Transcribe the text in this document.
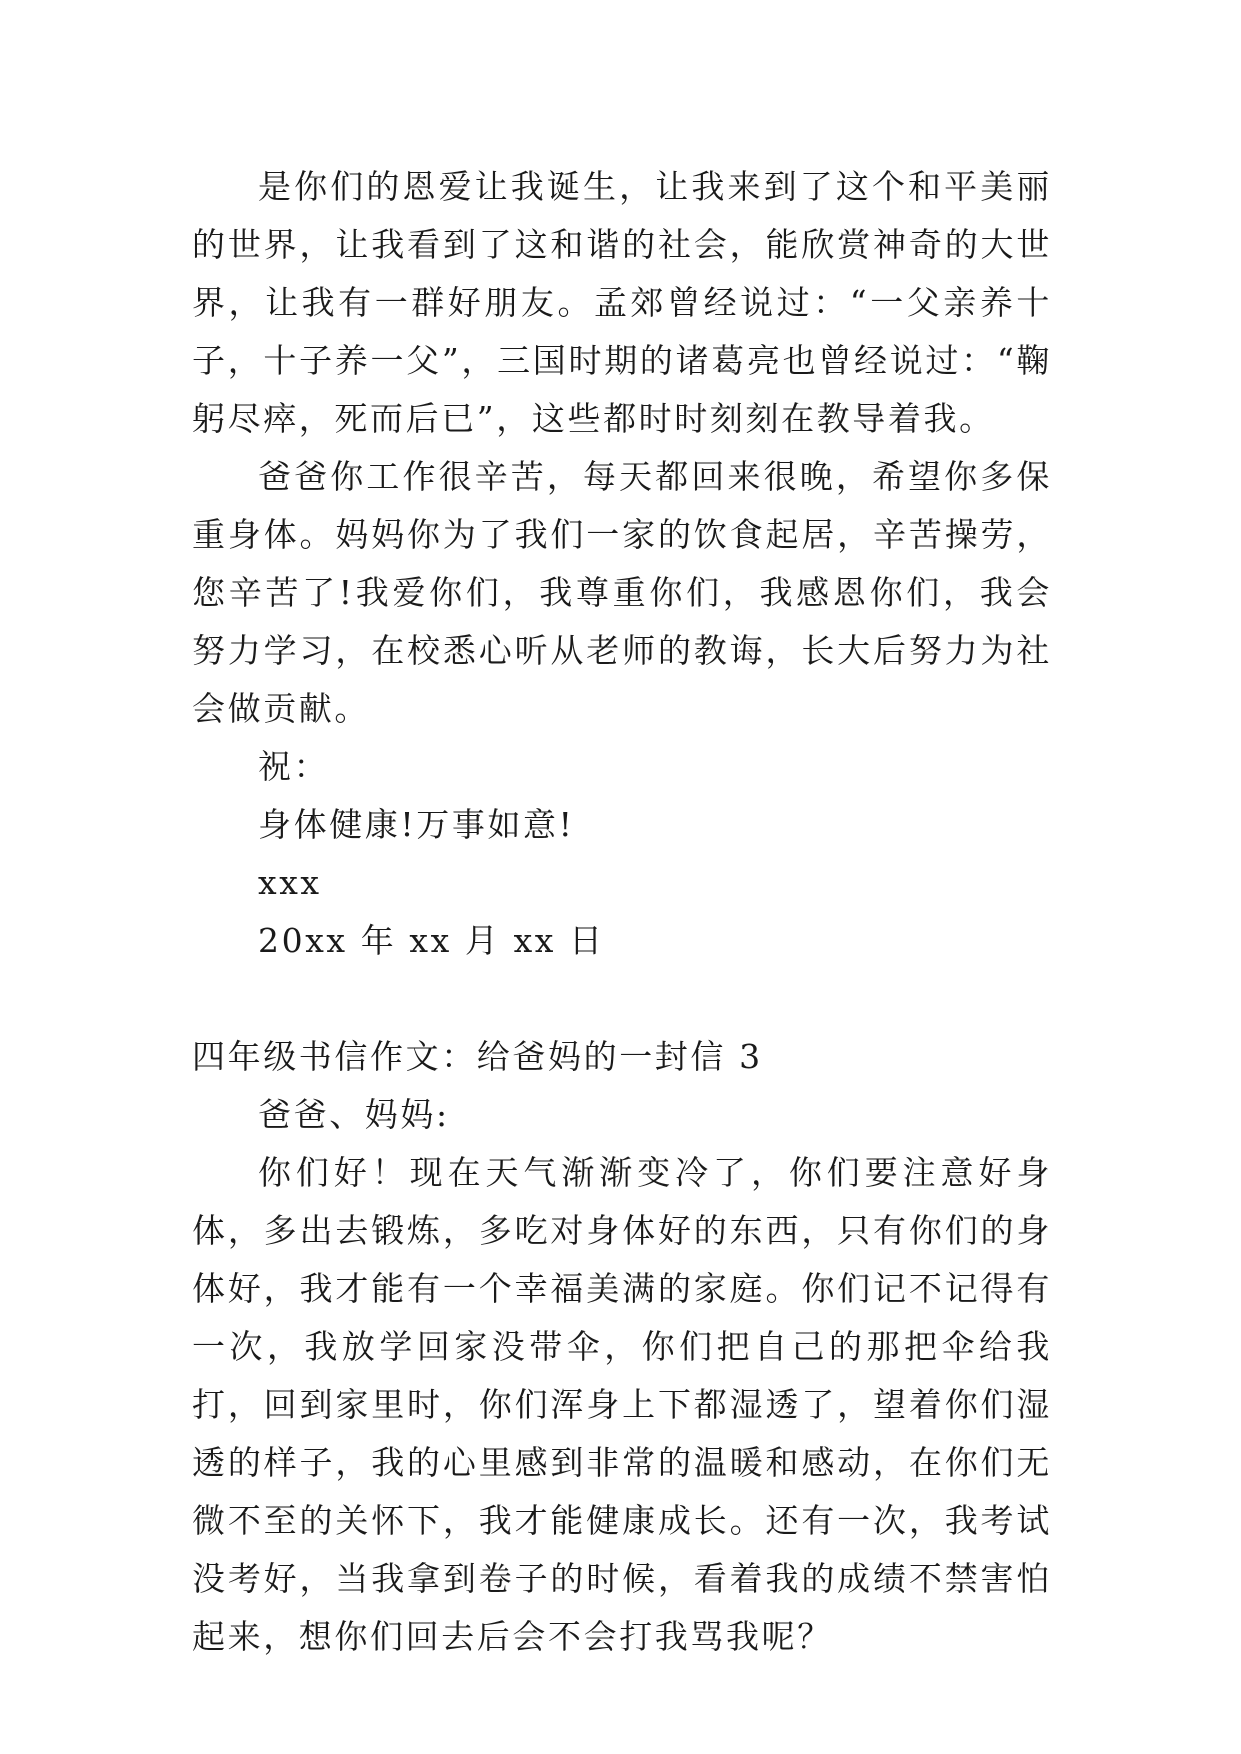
是你们的恩爱让我诞生，让我来到了这个和平美丽的世界，让我看到了这和谐的社会，能欣赏神奇的大世界，让我有一群好朋友。孟郊曾经说过：“一父亲养十子，十子养一父”，三国时期的诸葛亮也曾经说过：“鞠躬尽瘁，死而后已”，这些都时时刻刻在教导着我。

爸爸你工作很辛苦，每天都回来很晚，希望你多保重身体。妈妈你为了我们一家的饮食起居，辛苦操劳，您辛苦了!我爱你们，我尊重你们，我感恩你们，我会努力学习，在校悉心听从老师的教诲，长大后努力为社会做贡献。

祝：

身体健康!万事如意!

xxx

20xx 年 xx 月 xx 日

四年级书信作文：给爸妈的一封信 3

爸爸、妈妈:

你们好！现在天气渐渐变冷了，你们要注意好身体，多出去锻炼，多吃对身体好的东西，只有你们的身体好，我才能有一个幸福美满的家庭。你们记不记得有一次，我放学回家没带伞，你们把自己的那把伞给我打，回到家里时，你们浑身上下都湿透了，望着你们湿透的样子，我的心里感到非常的温暖和感动，在你们无微不至的关怀下，我才能健康成长。还有一次，我考试没考好，当我拿到卷子的时候，看着我的成绩不禁害怕起来，想你们回去后会不会打我骂我呢？
